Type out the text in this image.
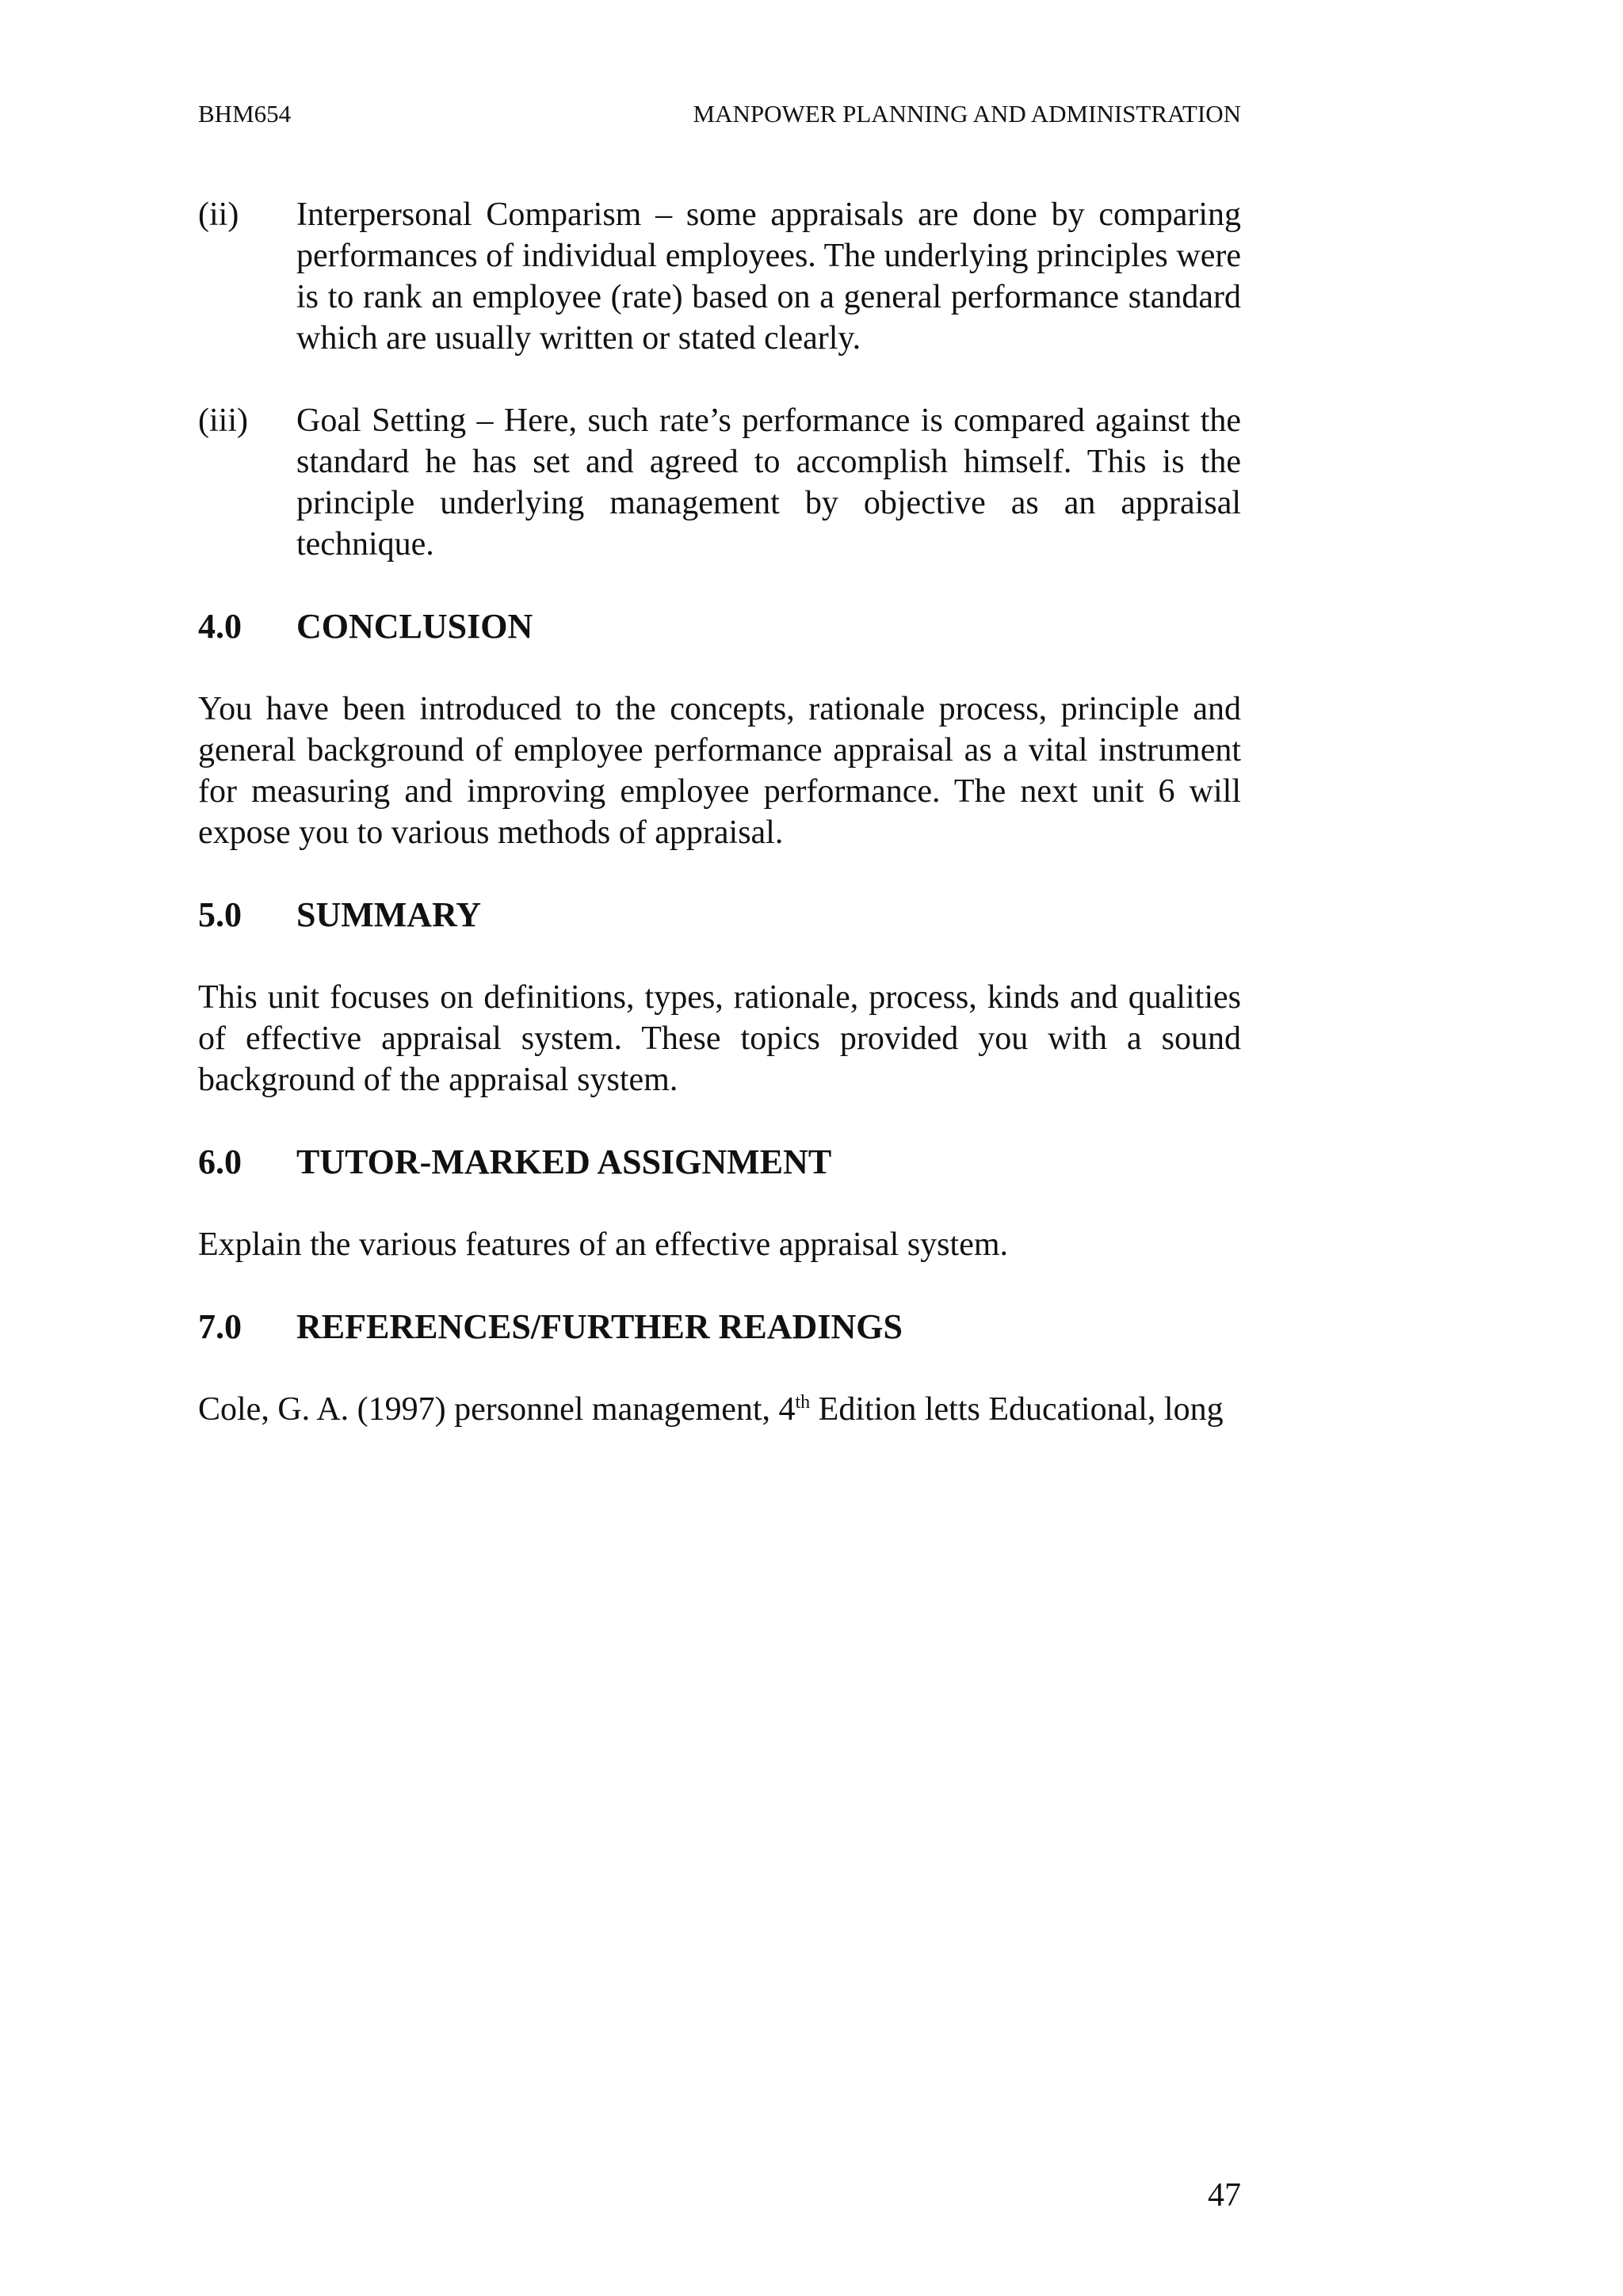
BHM654	MANPOWER PLANNING AND ADMINISTRATION
(ii)	Interpersonal Comparism – some appraisals are done by comparing performances of individual employees. The underlying principles were is to rank an employee (rate) based on a general performance standard which are usually written or stated clearly.
(iii)	Goal Setting – Here, such rate’s performance is compared against the standard he has set and agreed to accomplish himself. This is the principle underlying management by objective as an appraisal technique.
4.0	CONCLUSION

You have been introduced to the concepts, rationale process, principle and general background of employee performance appraisal as a vital instrument for measuring and improving employee performance. The next unit 6 will expose you to various methods of appraisal.

5.0	SUMMARY

This unit focuses on definitions, types, rationale, process, kinds and qualities of effective appraisal system. These topics provided you with a sound background of the appraisal system.

6.0	TUTOR-MARKED ASSIGNMENT

Explain the various features of an effective appraisal system.

7.0	REFERENCES/FURTHER READINGS

Cole, G. A. (1997) personnel management, 4th Edition letts Educational, long

47
